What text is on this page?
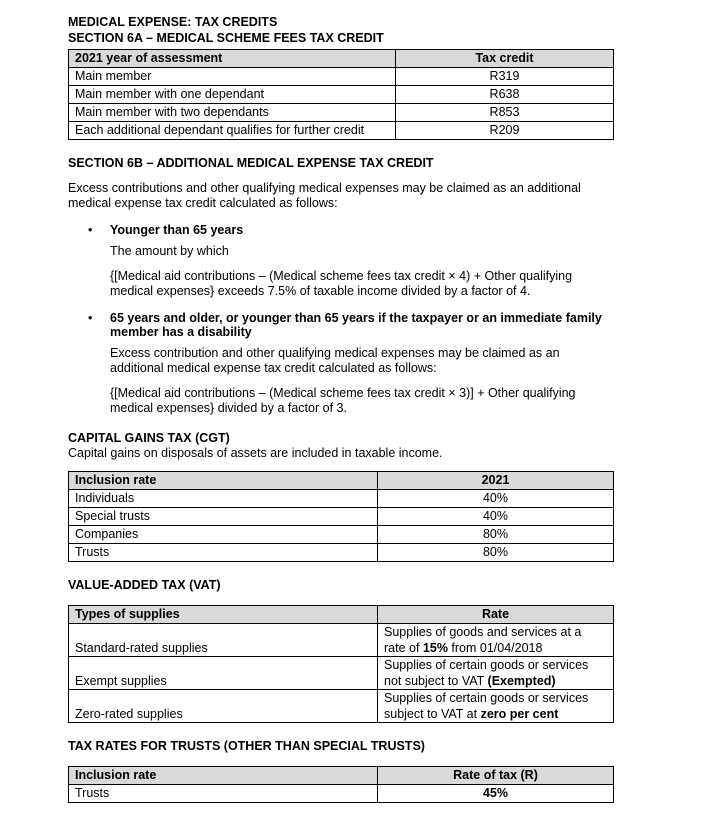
MEDICAL EXPENSE: TAX CREDITS

SECTION 6A – MEDICAL SCHEME FEES TAX CREDIT

2021 year of assessment	Tax credit
Main member	R319
Main member with one dependant	R638
Main member with two dependants	R853
Each additional dependant qualifies for further credit	R209

SECTION 6B – ADDITIONAL MEDICAL EXPENSE TAX CREDIT

Excess contributions and other qualifying medical expenses may be claimed as an additional medical expense tax credit calculated as follows:

• Younger than 65 years

The amount by which

{[Medical aid contributions – (Medical scheme fees tax credit × 4) + Other qualifying medical expenses} exceeds 7.5% of taxable income divided by a factor of 4.

• 65 years and older, or younger than 65 years if the taxpayer or an immediate family member has a disability

Excess contribution and other qualifying medical expenses may be claimed as an additional medical expense tax credit calculated as follows:

{[Medical aid contributions – (Medical scheme fees tax credit × 3)] + Other qualifying medical expenses} divided by a factor of 3.

CAPITAL GAINS TAX (CGT)

Capital gains on disposals of assets are included in taxable income.

Inclusion rate	2021
Individuals	40%
Special trusts	40%
Companies	80%
Trusts	80%

VALUE-ADDED TAX (VAT)

Types of supplies	Rate
Standard-rated supplies	Supplies of goods and services at a
rate of 15% from 01/04/2018
Exempt supplies	Supplies of certain goods or services
not subject to VAT (Exempted)
Zero-rated supplies	Supplies of certain goods or services
subject to VAT at zero per cent

TAX RATES FOR TRUSTS (OTHER THAN SPECIAL TRUSTS)

Inclusion rate	Rate of tax (R)
Trusts	45%
